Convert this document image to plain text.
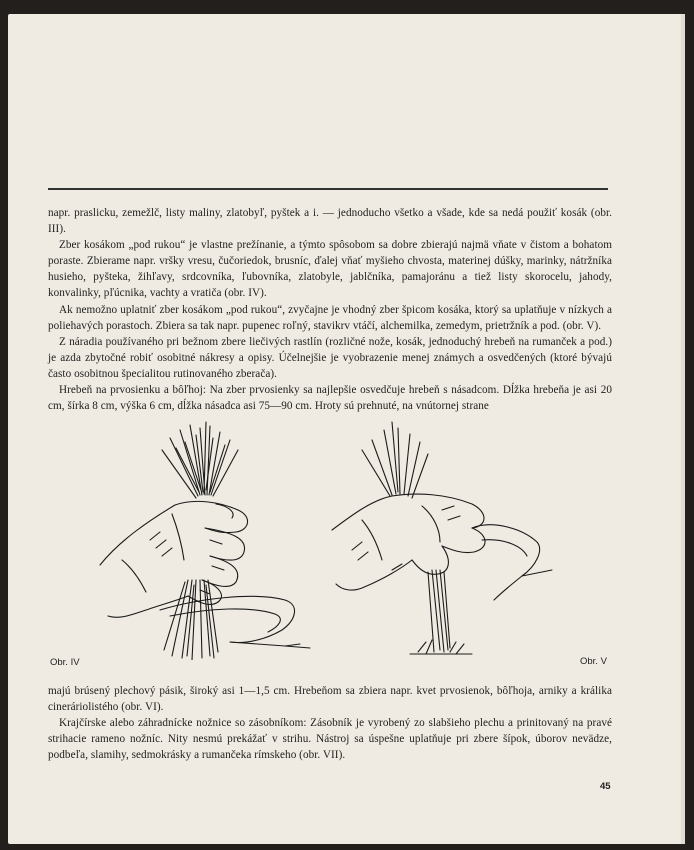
napr. praslicku, zemežlč, listy maliny, zlatobyľ, pyštek a i. — jednoducho všetko a všade, kde sa nedá použiť kosák (obr. III).

Zber kosákom „pod rukou“ je vlastne prežínanie, a týmto spôsobom sa dobre zbierajú najmä vňate v čistom a bohatom poraste. Zbierame napr. vršky vresu, čučoriedok, brusníc, ďalej vňať myšieho chvosta, materinej dúšky, marinky, nátržníka husieho, pyšteka, žihľavy, srdcovníka, ľubovníka, zlatobyle, jablčníka, pamajoránu a tiež listy skorocelu, jahody, konvalinky, pľúcnika, vachty a vratiča (obr. IV).

Ak nemožno uplatniť zber kosákom „pod rukou“, zvyčajne je vhodný zber špicom kosáka, ktorý sa uplatňuje v nízkych a poliehavých porastoch. Zbiera sa tak napr. pupenec roľný, stavikrv vtáčí, alchemilka, zemedym, prietržník a pod. (obr. V).

Z náradia používaného pri bežnom zbere liečivých rastlín (rozličné nože, kosák, jednoduchý hrebeň na rumanček a pod.) je azda zbytočné robiť osobitné nákresy a opisy. Účelnejšie je vyobrazenie menej známych a osvedčených (ktoré bývajú často osobitnou špecialitou rutinovaného zberača).

Hrebeň na prvosienku a bôľhoj: Na zber prvosienky sa najlepšie osvedčuje hrebeň s násadcom. Dĺžka hrebeňa je asi 20 cm, šírka 8 cm, výška 6 cm, dĺžka násadca asi 75—90 cm. Hroty sú prehnuté, na vnútornej strane

Obr. IV	Obr. V

majú brúsený plechový pásik, široký asi 1—1,5 cm. Hrebeňom sa zbiera napr. kvet prvosienok, bôľhoja, arniky a králika cineráriolistého (obr. VI).

Krajčírske alebo záhradnícke nožnice so zásobníkom: Zásobník je vyrobený zo slabšieho plechu a prinitovaný na pravé strihacie rameno nožníc. Nity nesmú prekážať v strihu. Nástroj sa úspešne uplatňuje pri zbere šípok, úborov nevädze, podbeľa, slamihy, sedmokrásky a rumančeka rímskeho (obr. VII).

45
